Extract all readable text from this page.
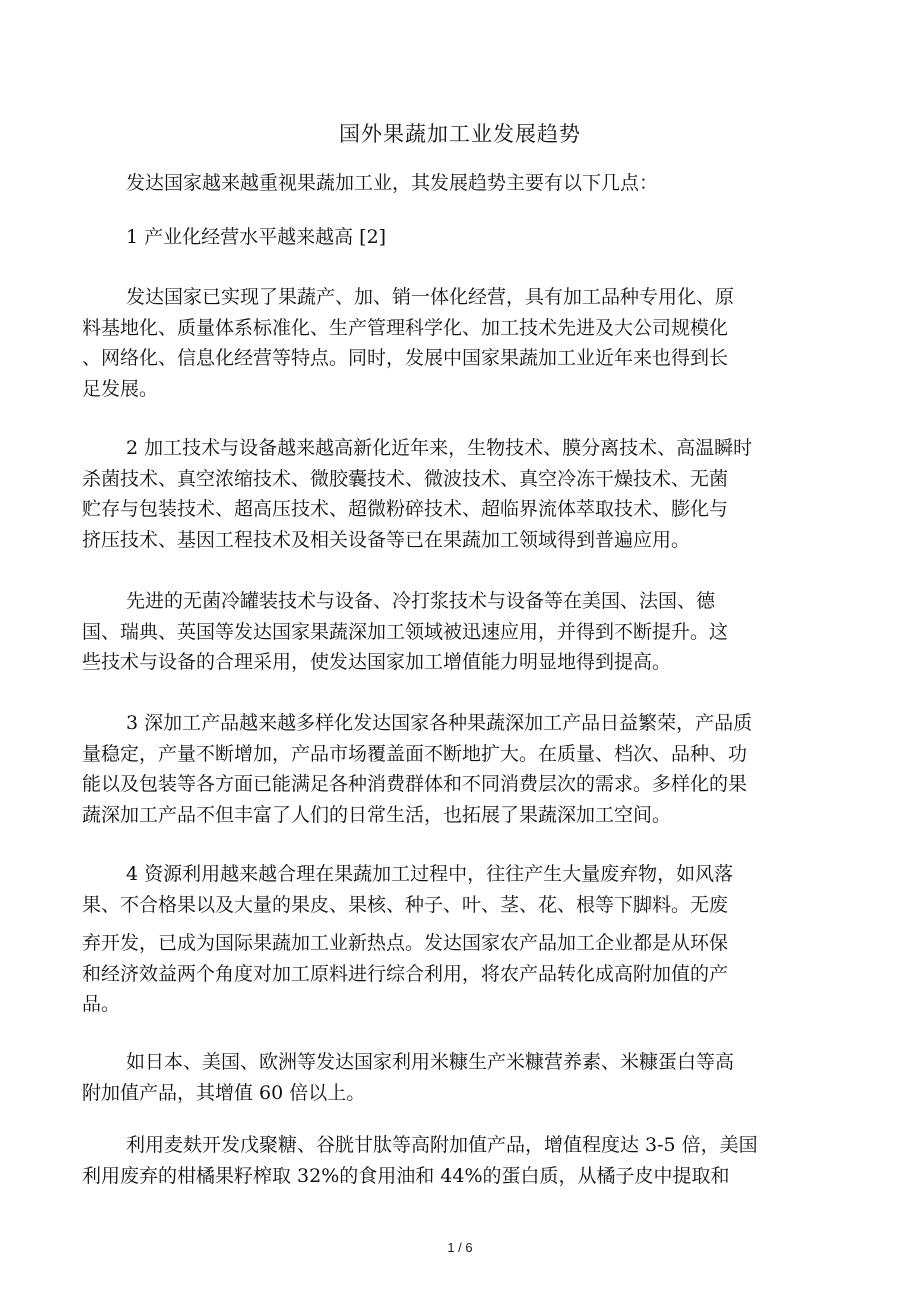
国外果蔬加工业发展趋势

发达国家越来越重视果蔬加工业，其发展趋势主要有以下几点：

1 产业化经营水平越来越高 [2]

发达国家已实现了果蔬产、加、销一体化经营，具有加工品种专用化、原
料基地化、质量体系标准化、生产管理科学化、加工技术先进及大公司规模化
、网络化、信息化经营等特点。同时，发展中国家果蔬加工业近年来也得到长
足发展。

2 加工技术与设备越来越高新化近年来，生物技术、膜分离技术、高温瞬时
杀菌技术、真空浓缩技术、微胶囊技术、微波技术、真空冷冻干燥技术、无菌
贮存与包装技术、超高压技术、超微粉碎技术、超临界流体萃取技术、膨化与
挤压技术、基因工程技术及相关设备等已在果蔬加工领域得到普遍应用。

先进的无菌冷罐装技术与设备、冷打浆技术与设备等在美国、法国、德
国、瑞典、英国等发达国家果蔬深加工领域被迅速应用，并得到不断提升。这
些技术与设备的合理采用，使发达国家加工增值能力明显地得到提高。

3 深加工产品越来越多样化发达国家各种果蔬深加工产品日益繁荣，产品质
量稳定，产量不断增加，产品市场覆盖面不断地扩大。在质量、档次、品种、功
能以及包装等各方面已能满足各种消费群体和不同消费层次的需求。多样化的果
蔬深加工产品不但丰富了人们的日常生活，也拓展了果蔬深加工空间。

4 资源利用越来越合理在果蔬加工过程中，往往产生大量废弃物，如风落
果、不合格果以及大量的果皮、果核、种子、叶、茎、花、根等下脚料。无废

弃开发，已成为国际果蔬加工业新热点。发达国家农产品加工企业都是从环保
和经济效益两个角度对加工原料进行综合利用，将农产品转化成高附加值的产
品。

如日本、美国、欧洲等发达国家利用米糠生产米糠营养素、米糠蛋白等高
附加值产品，其增值 60 倍以上。

利用麦麸开发戊聚糖、谷胱甘肽等高附加值产品，增值程度达 3-5 倍，美国
利用废弃的柑橘果籽榨取 32%的食用油和 44%的蛋白质，从橘子皮中提取和

1 / 6
